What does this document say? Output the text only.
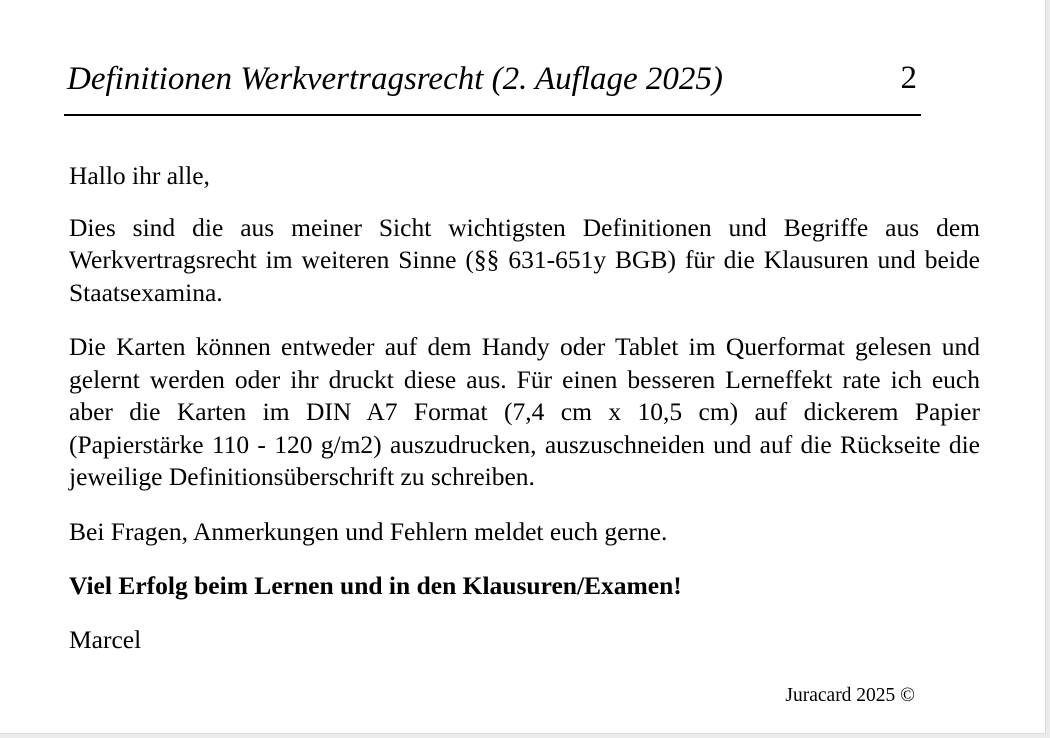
Definitionen Werkvertragsrecht (2. Auflage 2025)	2

Hallo ihr alle,

Dies sind die aus meiner Sicht wichtigsten Definitionen und Begriffe aus dem Werkvertragsrecht im weiteren Sinne (§§ 631-651y BGB) für die Klausuren und beide Staatsexamina.

Die Karten können entweder auf dem Handy oder Tablet im Querformat gelesen und gelernt werden oder ihr druckt diese aus. Für einen besseren Lerneffekt rate ich euch aber die Karten im DIN A7 Format (7,4 cm x 10,5 cm) auf dickerem Papier (Papierstärke 110 - 120 g/m2) auszudrucken, auszuschneiden und auf die Rückseite die jeweilige Definitionsüberschrift zu schreiben.

Bei Fragen, Anmerkungen und Fehlern meldet euch gerne.

Viel Erfolg beim Lernen und in den Klausuren/Examen!

Marcel

Juracard 2025 ©
